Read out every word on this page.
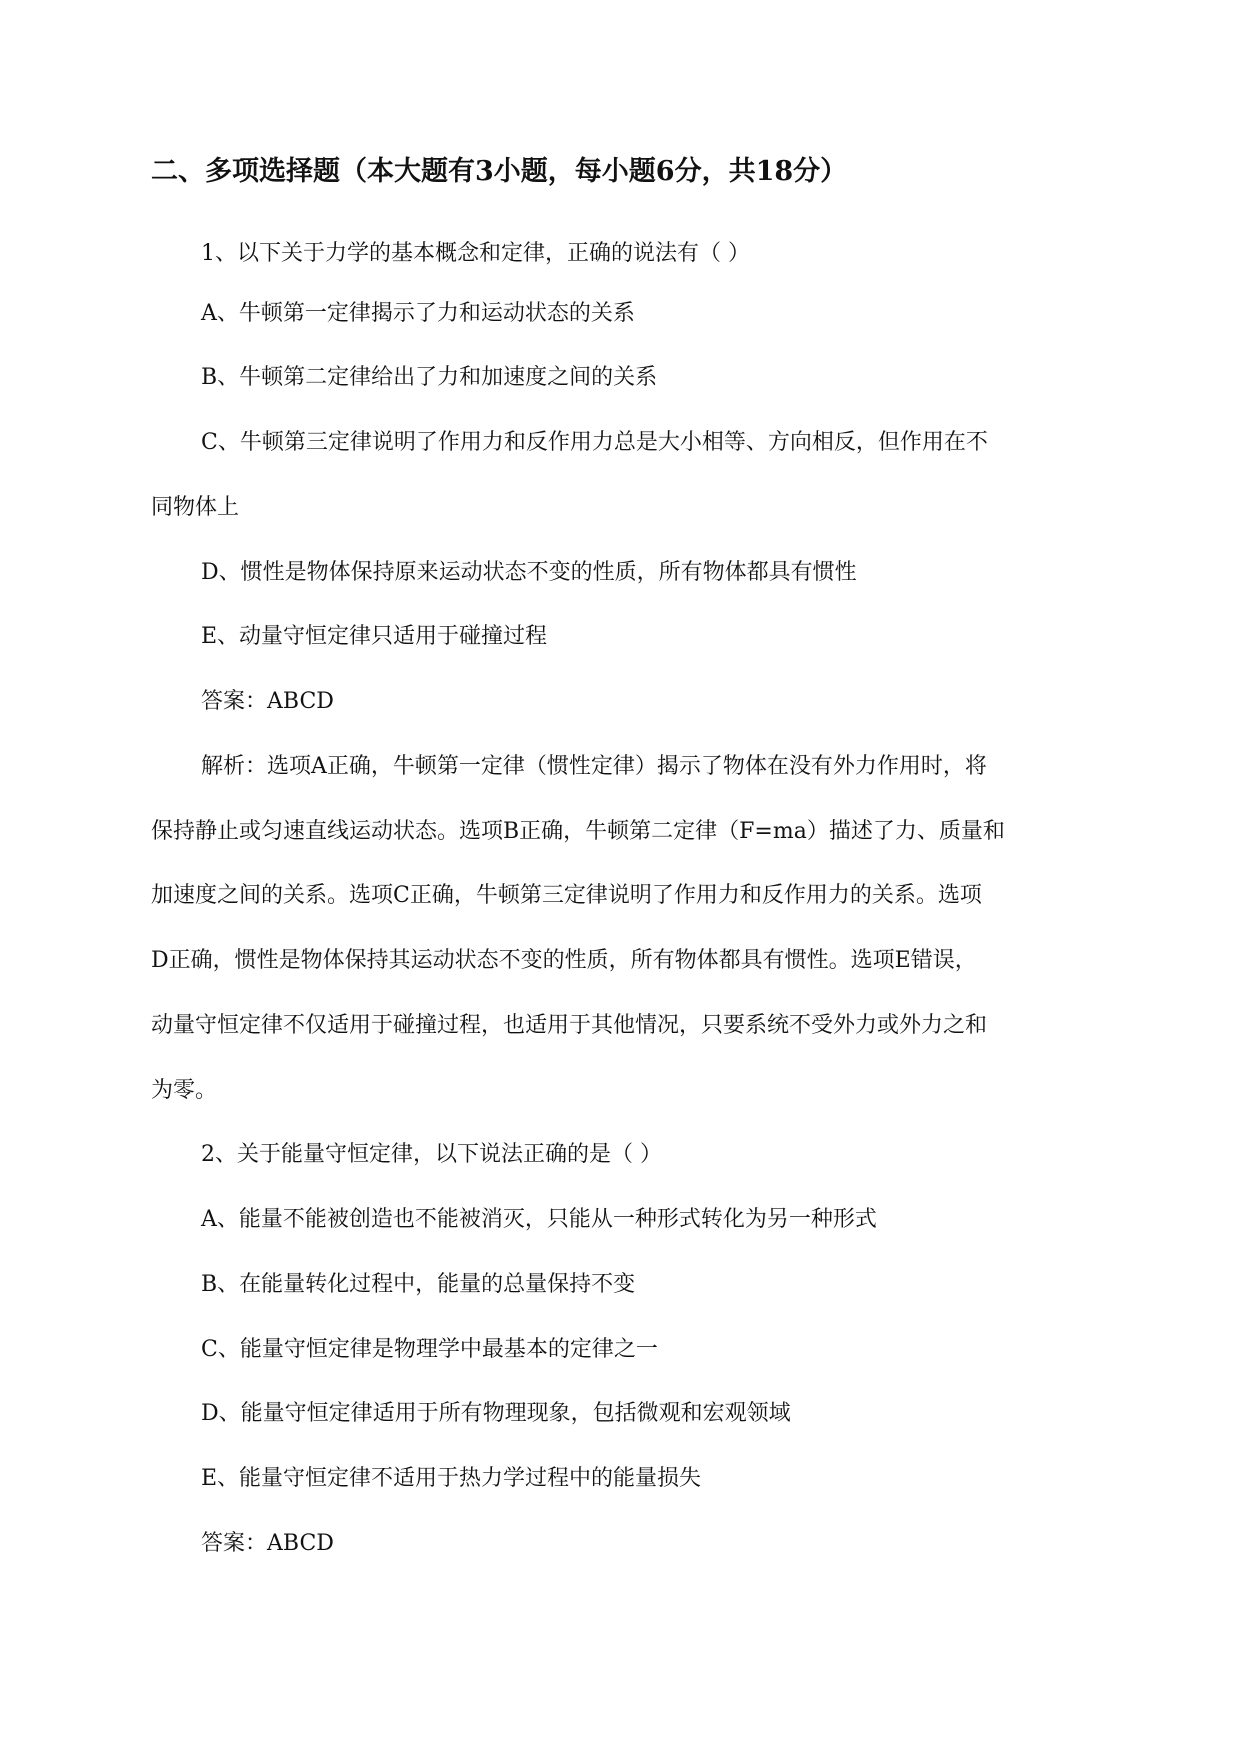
二、多项选择题（本大题有3小题，每小题6分，共18分）
1、以下关于力学的基本概念和定律，正确的说法有（ ）
A、牛顿第一定律揭示了力和运动状态的关系
B、牛顿第二定律给出了力和加速度之间的关系
C、牛顿第三定律说明了作用力和反作用力总是大小相等、方向相反，但作用在不
同物体上
D、惯性是物体保持原来运动状态不变的性质，所有物体都具有惯性
E、动量守恒定律只适用于碰撞过程
答案：ABCD
解析：选项A正确，牛顿第一定律（惯性定律）揭示了物体在没有外力作用时，将
保持静止或匀速直线运动状态。选项B正确，牛顿第二定律（F=ma）描述了力、质量和
加速度之间的关系。选项C正确，牛顿第三定律说明了作用力和反作用力的关系。选项
D正确，惯性是物体保持其运动状态不变的性质，所有物体都具有惯性。选项E错误，
动量守恒定律不仅适用于碰撞过程，也适用于其他情况，只要系统不受外力或外力之和
为零。
2、关于能量守恒定律，以下说法正确的是（ ）
A、能量不能被创造也不能被消灭，只能从一种形式转化为另一种形式
B、在能量转化过程中，能量的总量保持不变
C、能量守恒定律是物理学中最基本的定律之一
D、能量守恒定律适用于所有物理现象，包括微观和宏观领域
E、能量守恒定律不适用于热力学过程中的能量损失
答案：ABCD
